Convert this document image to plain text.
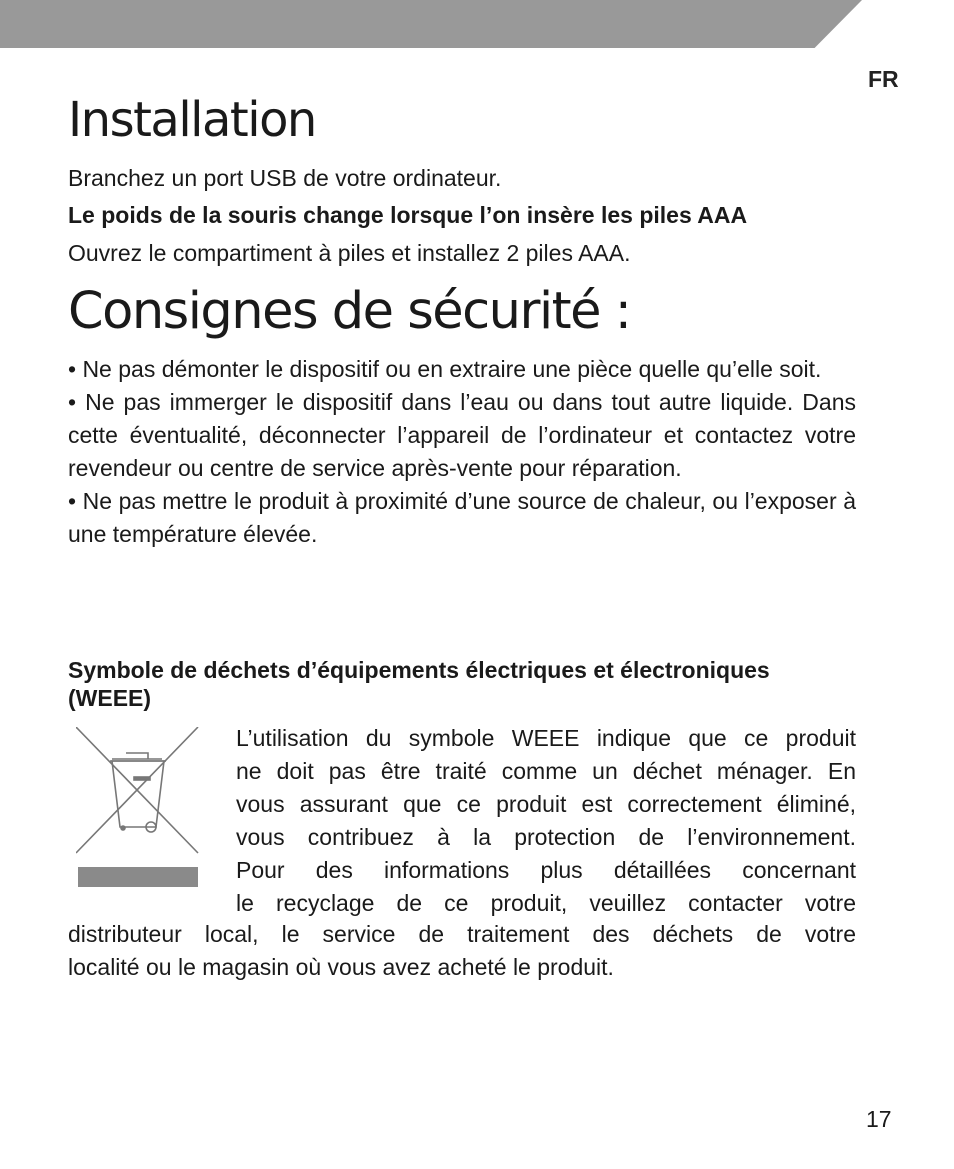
FR
Installation

Branchez un port USB de votre ordinateur.

Le poids de la souris change lorsque l’on insère les piles AAA

Ouvrez le compartiment à piles et installez 2 piles AAA.

Consignes de sécurité :
• Ne pas démonter le dispositif ou en extraire une pièce quelle qu’elle soit.
• Ne pas immerger le dispositif dans l’eau ou dans tout autre liquide. Dans cette éventualité, déconnecter l’appareil de l’ordinateur et contactez votre revendeur ou centre de service après-vente pour réparation.
• Ne pas mettre le produit à proximité d’une source de chaleur, ou l’exposer à une température élevée.

Symbole de déchets d’équipements électriques et électroniques (WEEE)

L’utilisation du symbole WEEE indique que ce produit
ne doit pas être traité comme un déchet ménager. En
vous assurant que ce produit est correctement éliminé,
vous contribuez à la protection de l’environnement.
Pour des informations plus détaillées concernant
le recyclage de ce produit, veuillez contacter votre
distributeur local, le service de traitement des déchets de votre
localité ou le magasin où vous avez acheté le produit.
17
